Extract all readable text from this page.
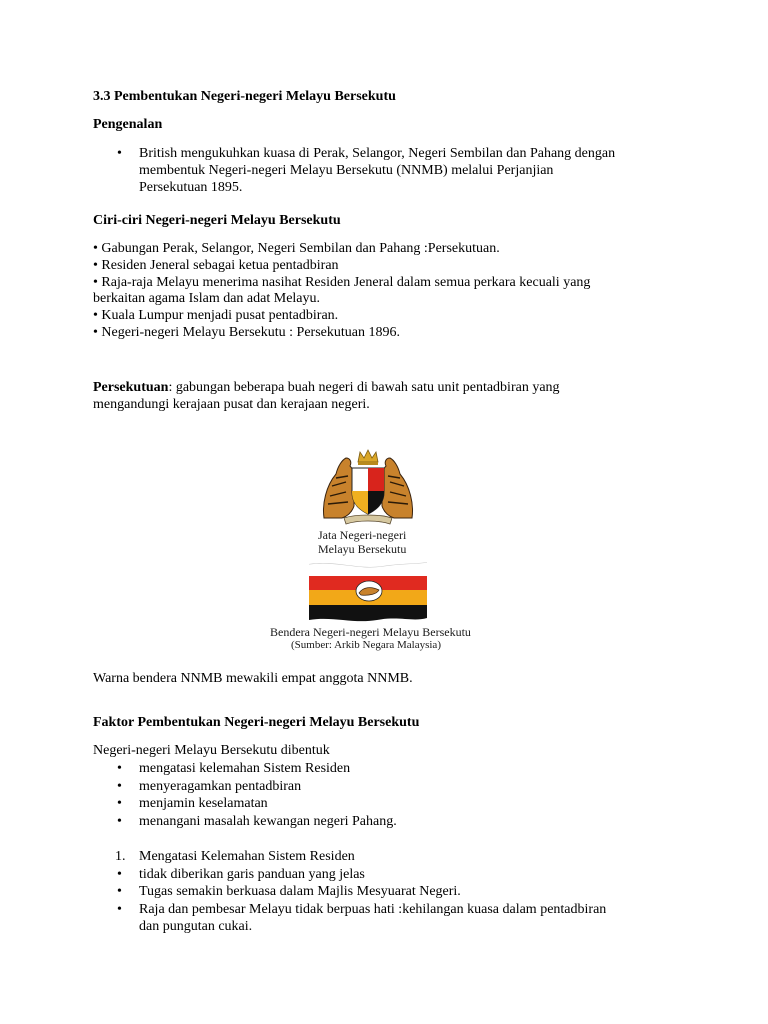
3.3 Pembentukan Negeri-negeri Melayu Bersekutu
Pengenalan
•
British mengukuhkan kuasa di Perak, Selangor, Negeri Sembilan dan Pahang dengan
membentuk Negeri-negeri Melayu Bersekutu (NNMB) melalui Perjanjian
Persekutuan 1895.
Ciri-ciri Negeri-negeri Melayu Bersekutu
• Gabungan Perak, Selangor, Negeri Sembilan dan Pahang :Persekutuan.
• Residen Jeneral sebagai ketua pentadbiran
• Raja-raja Melayu menerima nasihat Residen Jeneral dalam semua perkara kecuali yang
berkaitan agama Islam dan adat Melayu.
• Kuala Lumpur menjadi pusat pentadbiran.
• Negeri-negeri Melayu Bersekutu : Persekutuan 1896.
Persekutuan: gabungan beberapa buah negeri di bawah satu unit pentadbiran yang
mengandungi kerajaan pusat dan kerajaan negeri.
Jata Negeri-negeri
Melayu Bersekutu
Bendera Negeri-negeri Melayu Bersekutu
(Sumber: Arkib Negara Malaysia)
Warna bendera NNMB mewakili empat anggota NNMB.
Faktor Pembentukan Negeri-negeri Melayu Bersekutu
Negeri-negeri Melayu Bersekutu dibentuk
•
mengatasi kelemahan Sistem Residen
•
menyeragamkan pentadbiran
•
menjamin keselamatan
•
menangani masalah kewangan negeri Pahang.
1. Mengatasi Kelemahan Sistem Residen
•
tidak diberikan garis panduan yang jelas
•
Tugas semakin berkuasa dalam Majlis Mesyuarat Negeri.
•
Raja dan pembesar Melayu tidak berpuas hati :kehilangan kuasa dalam pentadbiran
dan pungutan cukai.
